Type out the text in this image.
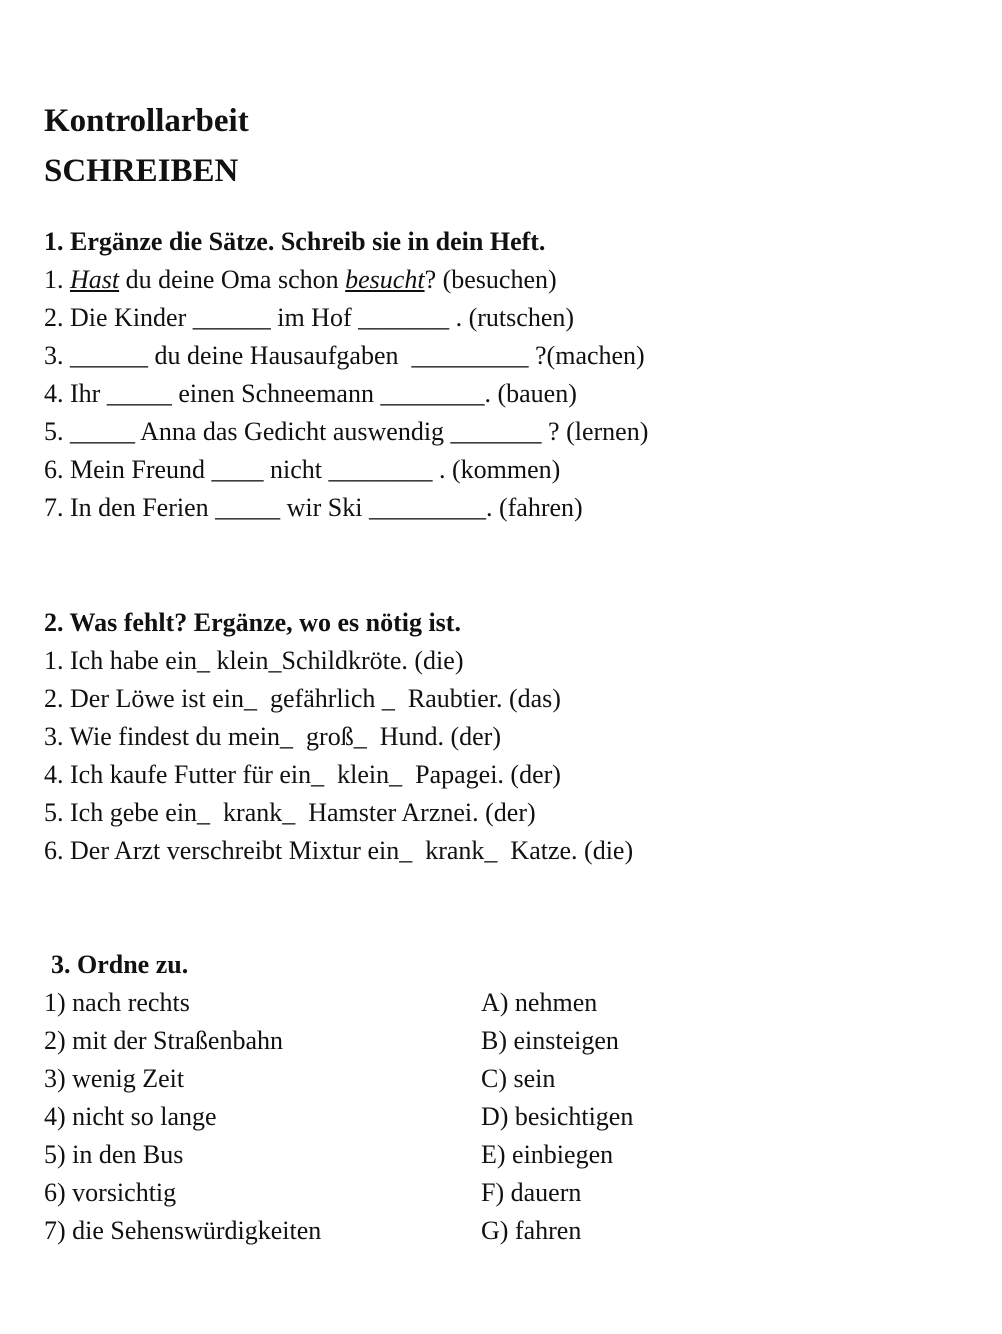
Kontrollarbeit
SCHREIBEN
1. Ergänze die Sätze. Schreib sie in dein Heft.
1. Hast du deine Oma schon besucht? (besuchen)
2. Die Kinder ______ im Hof _______ . (rutschen)
3. ______ du deine Hausaufgaben  _________ ?(machen)
4. Ihr _____ einen Schneemann ________. (bauen)
5. _____ Anna das Gedicht auswendig _______ ? (lernen)
6. Mein Freund ____ nicht ________ . (kommen)
7. In den Ferien _____ wir Ski _________. (fahren)
2. Was fehlt? Ergänze, wo es nötig ist.
1. Ich habe ein_ klein_Schildkröte. (die)
2. Der Löwe ist ein_  gefährlich _  Raubtier. (das)
3. Wie findest du mein_  groß_  Hund. (der)
4. Ich kaufe Futter für ein_  klein_  Papagei. (der)
5. Ich gebe ein_  krank_  Hamster Arznei. (der)
6. Der Arzt verschreibt Mixtur ein_  krank_  Katze. (die)
3. Ordne zu.
1) nach rechts	A) nehmen
2) mit der Straßenbahn	B) einsteigen
3) wenig Zeit	C) sein
4) nicht so lange	D) besichtigen
5) in den Bus	E) einbiegen
6) vorsichtig	F) dauern
7) die Sehenswürdigkeiten	G) fahren
